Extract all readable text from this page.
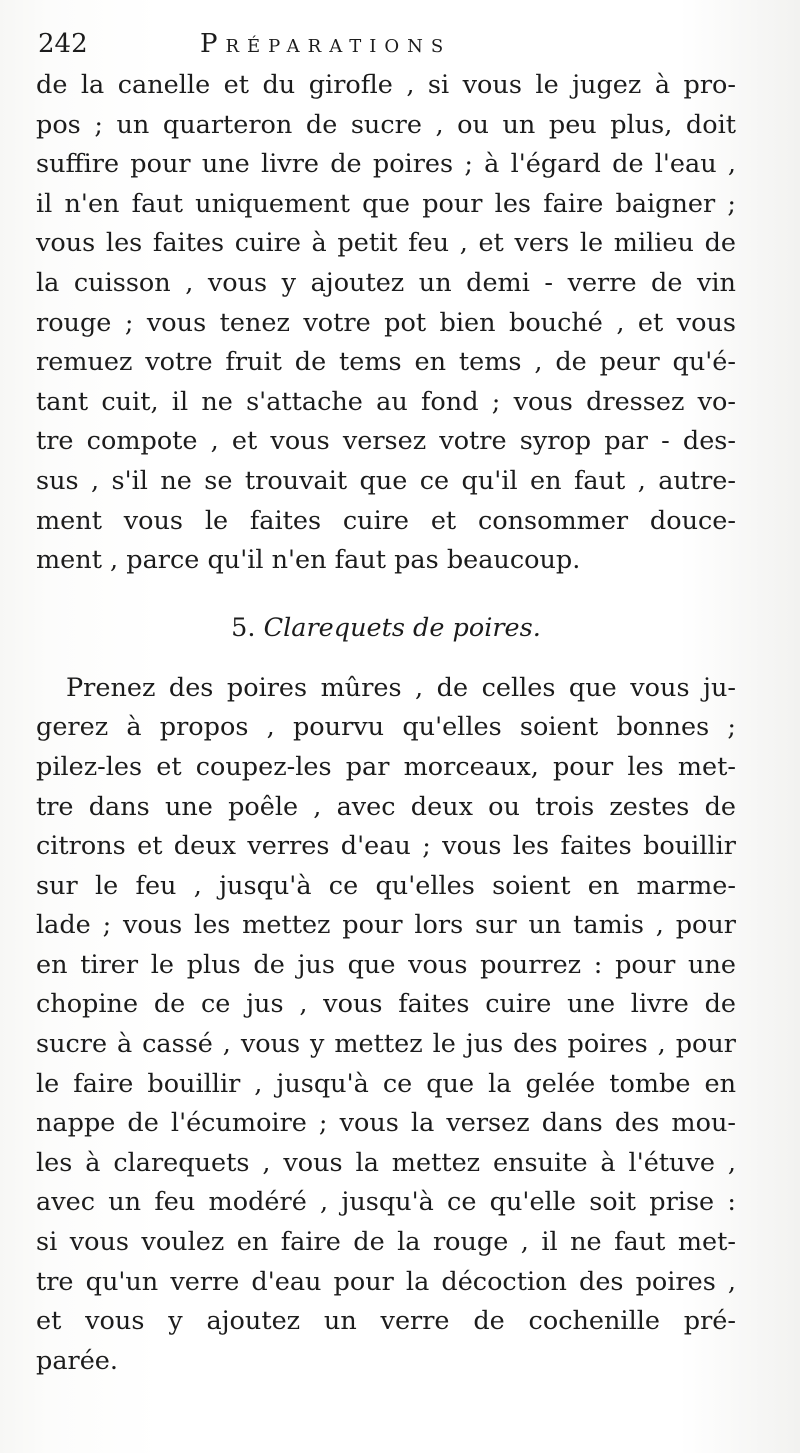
242	Préparations
de la canelle et du girofle , si vous le jugez à pro-
pos ; un quarteron de sucre , ou un peu plus, doit
suffire pour une livre de poires ; à l'égard de l'eau ,
il n'en faut uniquement que pour les faire baigner ;
vous les faites cuire à petit feu , et vers le milieu de
la cuisson , vous y ajoutez un demi - verre de vin
rouge ; vous tenez votre pot bien bouché , et vous
remuez votre fruit de tems en tems , de peur qu'é-
tant cuit, il ne s'attache au fond ; vous dressez vo-
tre compote , et vous versez votre syrop par - des-
sus , s'il ne se trouvait que ce qu'il en faut , autre-
ment vous le faites cuire et consommer douce-
ment , parce qu'il n'en faut pas beaucoup.
5. Clarequets de poires.
Prenez des poires mûres , de celles que vous ju-
gerez à propos , pourvu qu'elles soient bonnes ;
pilez-les et coupez-les par morceaux, pour les met-
tre dans une poêle , avec deux ou trois zestes de
citrons et deux verres d'eau ; vous les faites bouillir
sur le feu , jusqu'à ce qu'elles soient en marme-
lade ; vous les mettez pour lors sur un tamis , pour
en tirer le plus de jus que vous pourrez : pour une
chopine de ce jus , vous faites cuire une livre de
sucre à cassé , vous y mettez le jus des poires , pour
le faire bouillir , jusqu'à ce que la gelée tombe en
nappe de l'écumoire ; vous la versez dans des mou-
les à clarequets , vous la mettez ensuite à l'étuve ,
avec un feu modéré , jusqu'à ce qu'elle soit prise :
si vous voulez en faire de la rouge , il ne faut met-
tre qu'un verre d'eau pour la décoction des poires ,
et vous y ajoutez un verre de cochenille pré-
parée.
